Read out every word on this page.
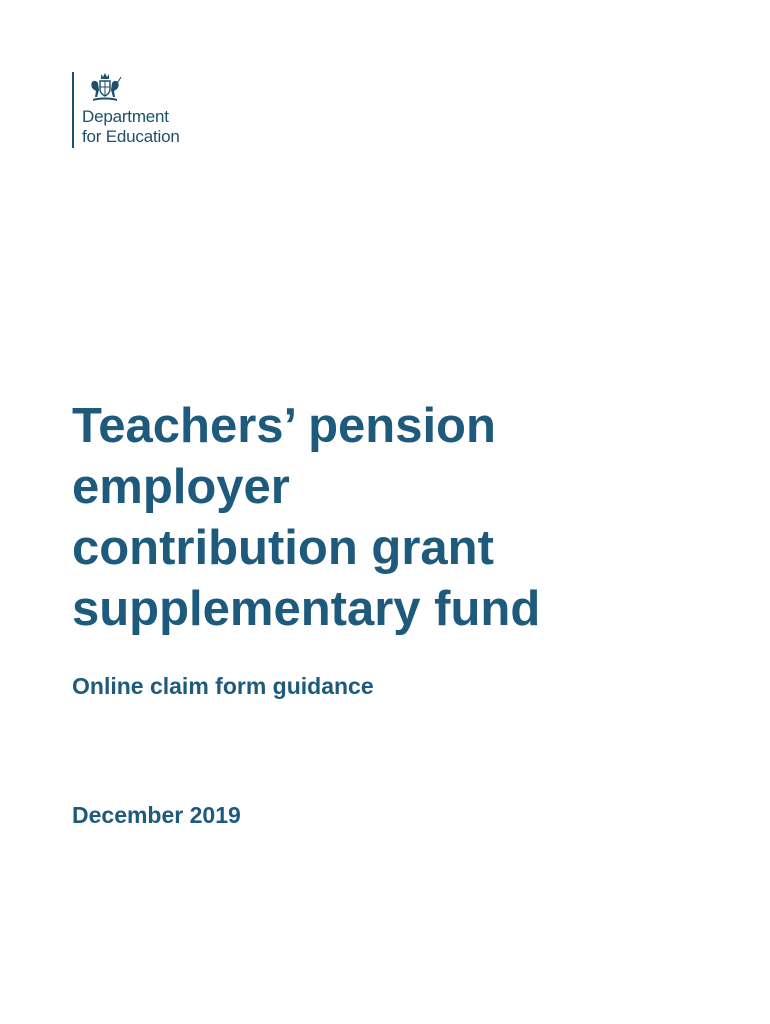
Department
for Education
Teachers’ pension
employer
contribution grant
supplementary fund
Online claim form guidance

December 2019
